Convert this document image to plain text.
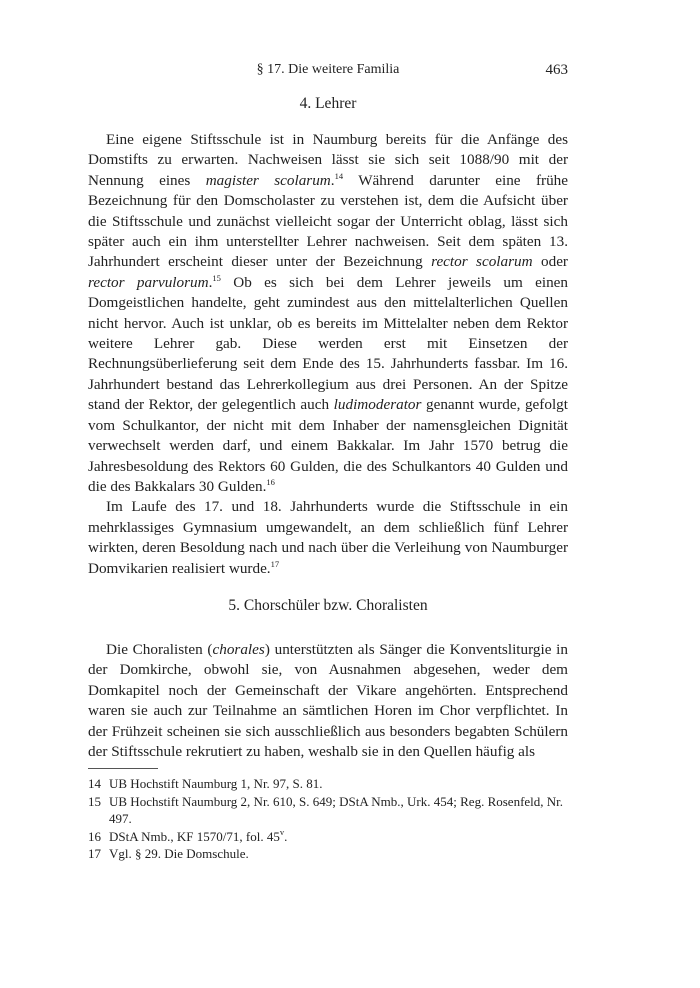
§ 17. Die weitere Familia	463
4. Lehrer

Eine eigene Stiftsschule ist in Naumburg bereits für die Anfänge des Domstifts zu erwarten. Nachweisen lässt sie sich seit 1088/90 mit der Nennung eines magister scolarum.$^{14}$ Während darunter eine frühe Bezeichnung für den Domscholaster zu verstehen ist, dem die Aufsicht über die Stiftsschule und zunächst vielleicht sogar der Unterricht oblag, lässt sich später auch ein ihm unterstellter Lehrer nachweisen. Seit dem späten 13. Jahrhundert erscheint dieser unter der Bezeichnung rector scolarum oder rector parvulorum.$^{15}$ Ob es sich bei dem Lehrer jeweils um einen Domgeistlichen handelte, geht zumindest aus den mittelalterlichen Quellen nicht hervor. Auch ist unklar, ob es bereits im Mittelalter neben dem Rektor weitere Lehrer gab. Diese werden erst mit Einsetzen der Rechnungsüberlieferung seit dem Ende des 15. Jahrhunderts fassbar. Im 16. Jahrhundert bestand das Lehrerkollegium aus drei Personen. An der Spitze stand der Rektor, der gelegentlich auch ludimoderator genannt wurde, gefolgt vom Schulkantor, der nicht mit dem Inhaber der namensgleichen Dignität verwechselt werden darf, und einem Bakkalar. Im Jahr 1570 betrug die Jahresbesoldung des Rektors 60 Gulden, die des Schulkantors 40 Gulden und die des Bakkalars 30 Gulden.$^{16}$

Im Laufe des 17. und 18. Jahrhunderts wurde die Stiftsschule in ein mehrklassiges Gymnasium umgewandelt, an dem schließlich fünf Lehrer wirkten, deren Besoldung nach und nach über die Verleihung von Naumburger Domvikarien realisiert wurde.$^{17}$

5. Chorschüler bzw. Choralisten

Die Choralisten (chorales) unterstützten als Sänger die Konventsliturgie in der Domkirche, obwohl sie, von Ausnahmen abgesehen, weder dem Domkapitel noch der Gemeinschaft der Vikare angehörten. Entsprechend waren sie auch zur Teilnahme an sämtlichen Horen im Chor verpflichtet. In der Frühzeit scheinen sie sich ausschließlich aus besonders begabten Schülern der Stiftsschule rekrutiert zu haben, weshalb sie in den Quellen häufig als

14 UB Hochstift Naumburg 1, Nr. 97, S. 81.
15 UB Hochstift Naumburg 2, Nr. 610, S. 649; DStA Nmb., Urk. 454; Reg. Rosenfeld, Nr. 497.
16 DStA Nmb., KF 1570/71, fol. 45$^v$.
17 Vgl. § 29. Die Domschule.
